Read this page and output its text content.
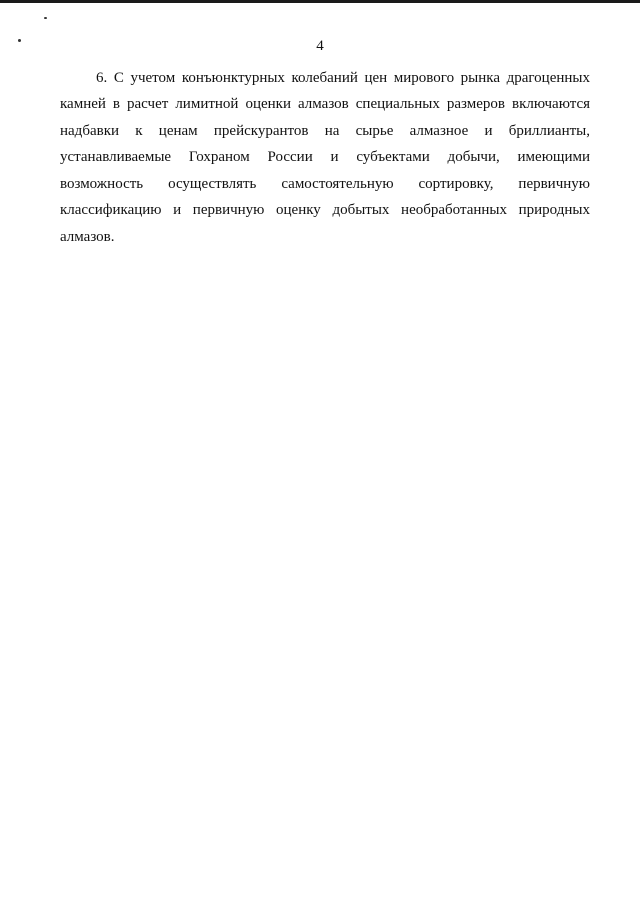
4
6. С учетом конъюнктурных колебаний цен мирового рынка драгоценных
камней в расчет лимитной оценки алмазов специальных размеров включаются
надбавки к ценам прейскурантов на сырье алмазное и бриллианты,
устанавливаемые Гохраном России и субъектами добычи, имеющими
возможность осуществлять самостоятельную сортировку, первичную
классификацию и первичную оценку добытых необработанных природных
алмазов.
